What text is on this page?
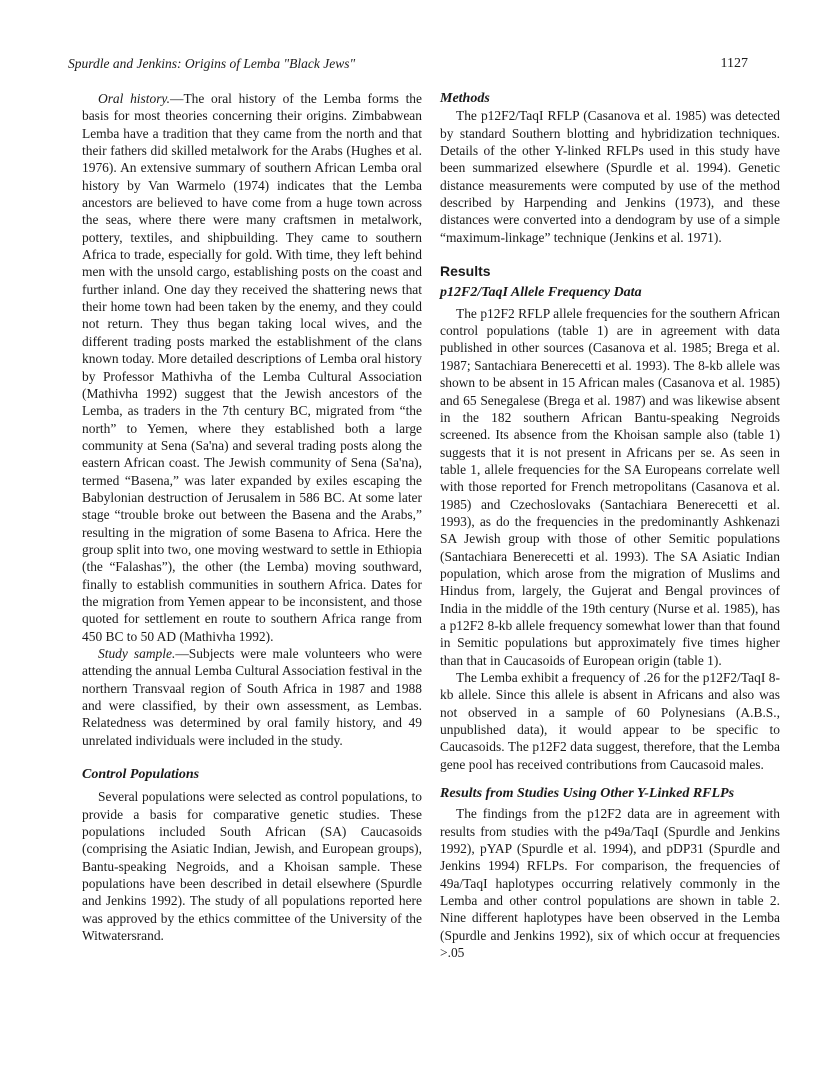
Spurdle and Jenkins: Origins of Lemba "Black Jews"	1127

Oral history.—The oral history of the Lemba forms the basis for most theories concerning their origins. Zimbabwean Lemba have a tradition that they came from the north and that their fathers did skilled metalwork for the Arabs (Hughes et al. 1976). An extensive summary of southern African Lemba oral history by Van Warmelo (1974) indicates that the Lemba ancestors are believed to have come from a huge town across the seas, where there were many craftsmen in metalwork, pottery, textiles, and shipbuilding. They came to southern Africa to trade, especially for gold. With time, they left behind men with the unsold cargo, establishing posts on the coast and further inland. One day they received the shattering news that their home town had been taken by the enemy, and they could not return. They thus began taking local wives, and the different trading posts marked the establishment of the clans known today. More detailed descriptions of Lemba oral history by Professor Mathivha of the Lemba Cultural Association (Mathivha 1992) suggest that the Jewish ancestors of the Lemba, as traders in the 7th century BC, migrated from “the north” to Yemen, where they established both a large community at Sena (Sa'na) and several trading posts along the eastern African coast. The Jewish community of Sena (Sa'na), termed “Basena,” was later expanded by exiles escaping the Babylonian destruction of Jerusalem in 586 BC. At some later stage “trouble broke out between the Basena and the Arabs,” resulting in the migration of some Basena to Africa. Here the group split into two, one moving westward to settle in Ethiopia (the “Falashas”), the other (the Lemba) moving southward, finally to establish communities in southern Africa. Dates for the migration from Yemen appear to be inconsistent, and those quoted for settlement en route to southern Africa range from 450 BC to 50 AD (Mathivha 1992).

Study sample.—Subjects were male volunteers who were attending the annual Lemba Cultural Association festival in the northern Transvaal region of South Africa in 1987 and 1988 and were classified, by their own assessment, as Lembas. Relatedness was determined by oral family history, and 49 unrelated individuals were included in the study.

Control Populations

Several populations were selected as control populations, to provide a basis for comparative genetic studies. These populations included South African (SA) Caucasoids (comprising the Asiatic Indian, Jewish, and European groups), Bantu-speaking Negroids, and a Khoisan sample. These populations have been described in detail elsewhere (Spurdle and Jenkins 1992). The study of all populations reported here was approved by the ethics committee of the University of the Witwatersrand.

Methods

The p12F2/TaqI RFLP (Casanova et al. 1985) was detected by standard Southern blotting and hybridization techniques. Details of the other Y-linked RFLPs used in this study have been summarized elsewhere (Spurdle et al. 1994). Genetic distance measurements were computed by use of the method described by Harpending and Jenkins (1973), and these distances were converted into a dendogram by use of a simple “maximum-linkage” technique (Jenkins et al. 1971).

Results
p12F2/TaqI Allele Frequency Data

The p12F2 RFLP allele frequencies for the southern African control populations (table 1) are in agreement with data published in other sources (Casanova et al. 1985; Brega et al. 1987; Santachiara Benerecetti et al. 1993). The 8-kb allele was shown to be absent in 15 African males (Casanova et al. 1985) and 65 Senegalese (Brega et al. 1987) and was likewise absent in the 182 southern African Bantu-speaking Negroids screened. Its absence from the Khoisan sample also (table 1) suggests that it is not present in Africans per se. As seen in table 1, allele frequencies for the SA Europeans correlate well with those reported for French metropolitans (Casanova et al. 1985) and Czechoslovaks (Santachiara Benerecetti et al. 1993), as do the frequencies in the predominantly Ashkenazi SA Jewish group with those of other Semitic populations (Santachiara Benerecetti et al. 1993). The SA Asiatic Indian population, which arose from the migration of Muslims and Hindus from, largely, the Gujerat and Bengal provinces of India in the middle of the 19th century (Nurse et al. 1985), has a p12F2 8-kb allele frequency somewhat lower than that found in Semitic populations but approximately five times higher than that in Caucasoids of European origin (table 1).

The Lemba exhibit a frequency of .26 for the p12F2/TaqI 8-kb allele. Since this allele is absent in Africans and also was not observed in a sample of 60 Polynesians (A.B.S., unpublished data), it would appear to be specific to Caucasoids. The p12F2 data suggest, therefore, that the Lemba gene pool has received contributions from Caucasoid males.

Results from Studies Using Other Y-Linked RFLPs

The findings from the p12F2 data are in agreement with results from studies with the p49a/TaqI (Spurdle and Jenkins 1992), pYAP (Spurdle et al. 1994), and pDP31 (Spurdle and Jenkins 1994) RFLPs. For comparison, the frequencies of 49a/TaqI haplotypes occurring relatively commonly in the Lemba and other control populations are shown in table 2. Nine different haplotypes have been observed in the Lemba (Spurdle and Jenkins 1992), six of which occur at frequencies >.05
